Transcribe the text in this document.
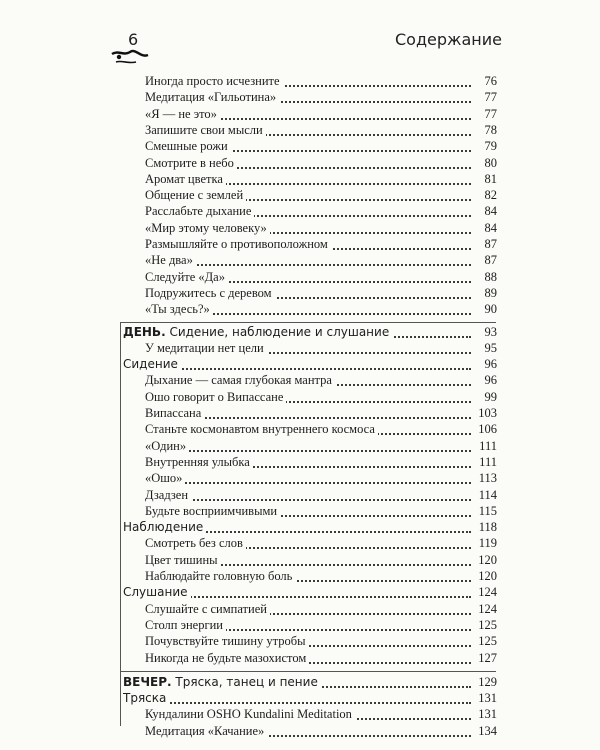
6	Содержание
Иногда просто исчезните	76
Медитация «Гильотина»	77
«Я — не это»	77
Запишите свои мысли	78
Смешные рожи	79
Смотрите в небо	80
Аромат цветка	81
Общение с землей	82
Расслабьте дыхание	84
«Мир этому человеку»	84
Размышляйте о противоположном	87
«Не два»	87
Следуйте «Да»	88
Подружитесь с деревом	89
«Ты здесь?»	90
ДЕНЬ. Сидение, наблюдение и слушание	93
У медитации нет цели	95
Сидение	96
Дыхание — самая глубокая мантра	96
Ошо говорит о Випассане	99
Випассана	103
Станьте космонавтом внутреннего космоса	106
«Один»	111
Внутренняя улыбка	111
«Ошо»	113
Дзадзен	114
Будьте восприимчивыми	115
Наблюдение	118
Смотреть без слов	119
Цвет тишины	120
Наблюдайте головную боль	120
Слушание	124
Слушайте с симпатией	124
Столп энергии	125
Почувствуйте тишину утробы	125
Никогда не будьте мазохистом	127
ВЕЧЕР. Тряска, танец и пение	129
Тряска	131
Кундалини OSHO Kundalini Meditation	131
Медитация «Качание»	134
